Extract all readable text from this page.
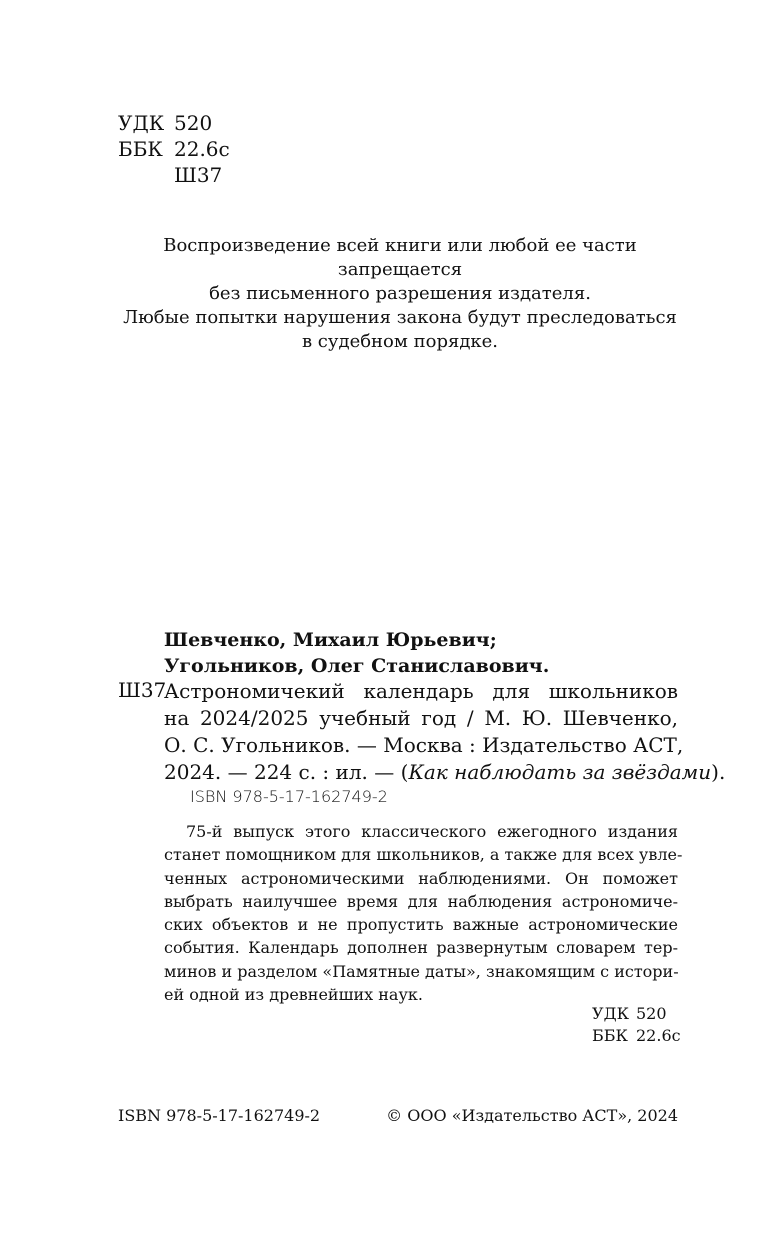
УДК 520
ББК 22.6с
Ш37
Воспроизведение всей книги или любой ее части
запрещается
без письменного разрешения издателя.
Любые попытки нарушения закона будут преследоваться
в судебном порядке.
Шевченко, Михаил Юрьевич;
Угольников, Олег Станиславович.
Ш37
Астрономичекий календарь для школьников
на 2024/2025 учебный год / М. Ю. Шевченко,
О. С. Угольников. — Москва : Издательство АСТ,
2024. — 224 с. : ил. — (Как наблюдать за звёздами).
ISBN 978-5-17-162749-2
75-й выпуск этого классического ежегодного издания
станет помощником для школьников, а также для всех увле-
ченных астрономическими наблюдениями. Он поможет
выбрать наилучшее время для наблюдения астрономиче-
ских объектов и не пропустить важные астрономические
события. Календарь дополнен развернутым словарем тер-
минов и разделом «Памятные даты», знакомящим с истори-
ей одной из древнейших наук.
УДК 520
ББК 22.6с
ISBN 978-5-17-162749-2	© ООО «Издательство АСТ», 2024
